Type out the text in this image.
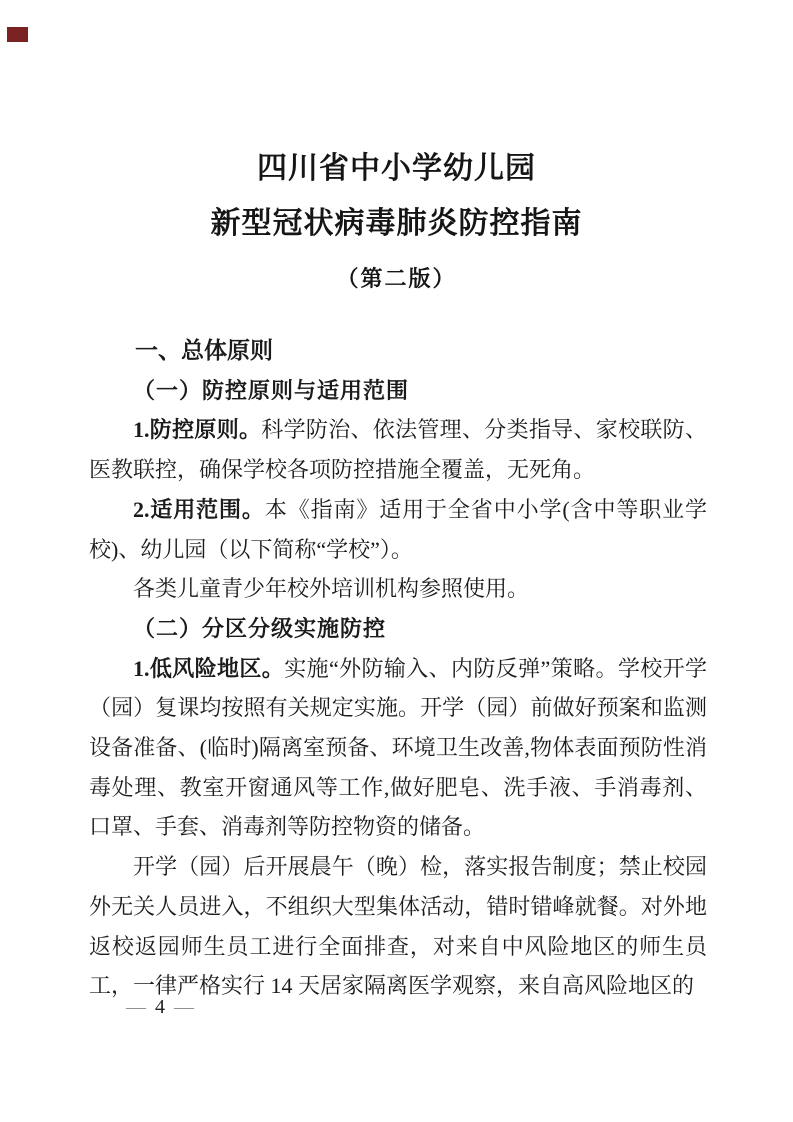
四川省中小学幼儿园
新型冠状病毒肺炎防控指南
（第二版）
一、总体原则
（一）防控原则与适用范围

1.防控原则。科学防治、依法管理、分类指导、家校联防、医教联控，确保学校各项防控措施全覆盖，无死角。

2.适用范围。本《指南》适用于全省中小学(含中等职业学校)、幼儿园（以下简称“学校”）。

各类儿童青少年校外培训机构参照使用。

（二）分区分级实施防控

1.低风险地区。实施“外防输入、内防反弹”策略。学校开学（园）复课均按照有关规定实施。开学（园）前做好预案和监测设备准备、(临时)隔离室预备、环境卫生改善,物体表面预防性消毒处理、教室开窗通风等工作,做好肥皂、洗手液、手消毒剂、口罩、手套、消毒剂等防控物资的储备。

开学（园）后开展晨午（晚）检，落实报告制度；禁止校园外无关人员进入，不组织大型集体活动，错时错峰就餐。对外地返校返园师生员工进行全面排查，对来自中风险地区的师生员工，一律严格实行 14 天居家隔离医学观察，来自高风险地区的

— 4 —
